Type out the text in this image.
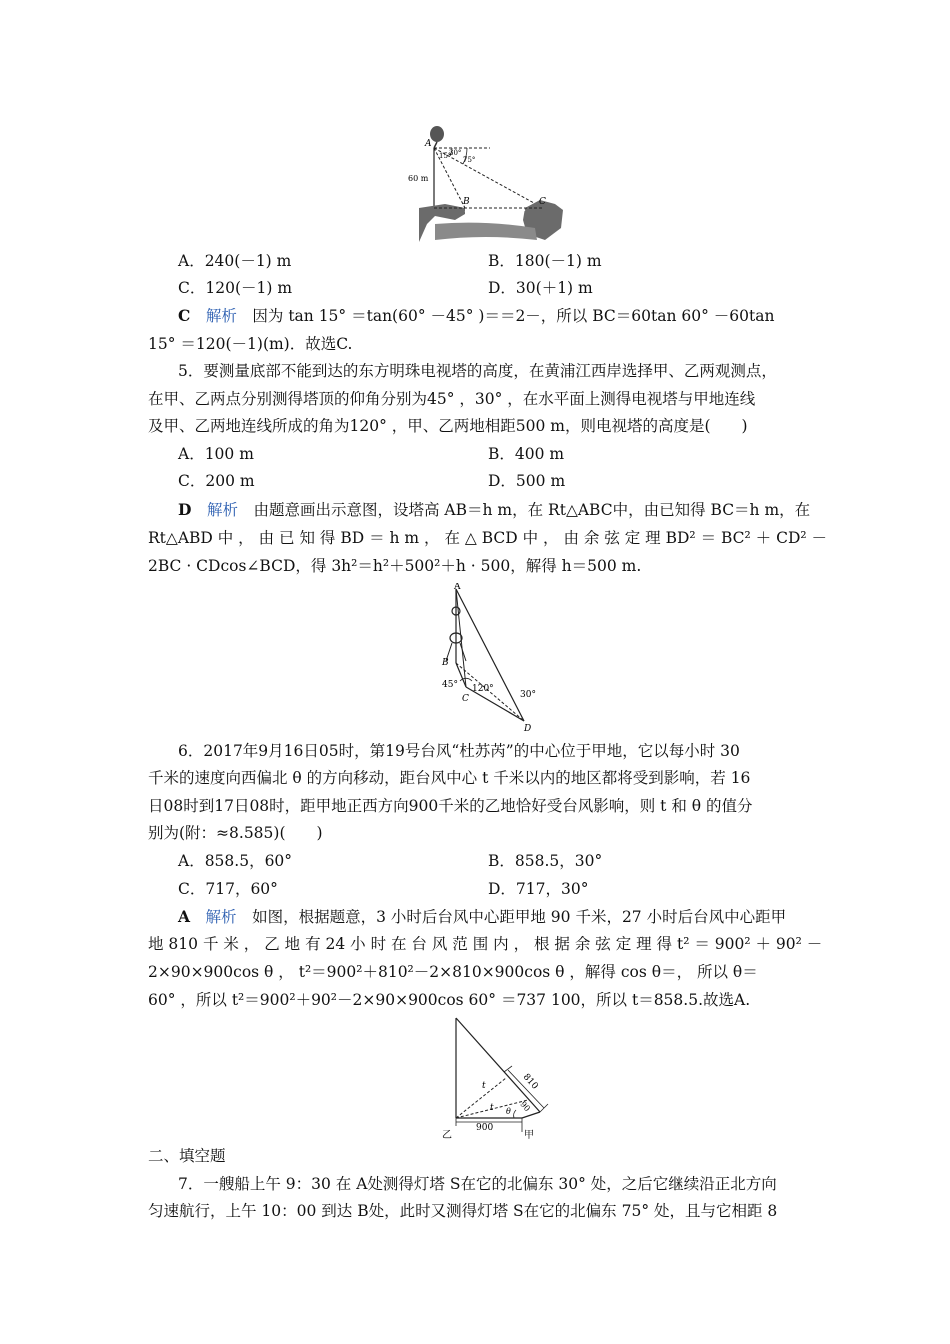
A
30°
15° 75°
60 m
B	C
A．240(－1) m	B．180(－1) m
C．120(－1) m	D．30(＋1) m
C　 解析　 因为 tan 15° ＝tan(60° －45° )＝＝2－，所以 BC＝60tan 60° －60tan
15° ＝120(－1)(m)．故选C.
5．要测量底部不能到达的东方明珠电视塔的高度，在黄浦江西岸选择甲、乙两观测点，
在甲、乙两点分别测得塔顶的仰角分别为45° ，30° ，在水平面上测得电视塔与甲地连线
及甲、乙两地连线所成的角为120° ，甲、乙两地相距500 m，则电视塔的高度是(　　)
A．100 m	B．400 m
C．200 m	D．500 m
D　 解析　 由题意画出示意图，设塔高 AB＝h m，在 Rt△ABC中，由已知得 BC＝h m，在
Rt△ABD 中 ， 由 已 知 得 BD ＝ h m ， 在 △ BCD 中 ， 由 余 弦 定 理 BD² ＝ BC² ＋ CD² －
2BC · CDcos∠BCD，得 3h²＝h²＋500²＋h · 500，解得 h＝500 m.
A
B
C
D
45° 120°
30°
6．2017年9月16日05时，第19号台风“杜苏芮”的中心位于甲地，它以每小时 30
千米的速度向西偏北 θ 的方向移动，距台风中心 t 千米以内的地区都将受到影响，若 16
日08时到17日08时，距甲地正西方向900千米的乙地恰好受台风影响，则 t 和 θ 的值分
别为(附：≈8.585)(　　)
A．858.5，60°	B．858.5，30°
C．717，60°	D．717，30°
A　 解析　 如图，根据题意，3 小时后台风中心距甲地 90 千米，27 小时后台风中心距甲
地 810 千 米 ， 乙 地 有 24 小 时 在 台 风 范 围 内 ， 根 据 余 弦 定 理 得 t² ＝ 900² ＋ 90² －
2×90×900cos θ ， t²＝900²＋810²－2×810×900cos θ ，解得 cos θ＝， 所以 θ＝
60° ，所以 t²＝900²＋90²－2×90×900cos 60° ＝737 100，所以 t＝858.5.故选A.
810
90
t
t θ
900
乙	甲
二、填空题
7．一艘船上午 9：30 在 A处测得灯塔 S在它的北偏东 30° 处，之后它继续沿正北方向
匀速航行，上午 10：00 到达 B处，此时又测得灯塔 S在它的北偏东 75° 处，且与它相距 8
